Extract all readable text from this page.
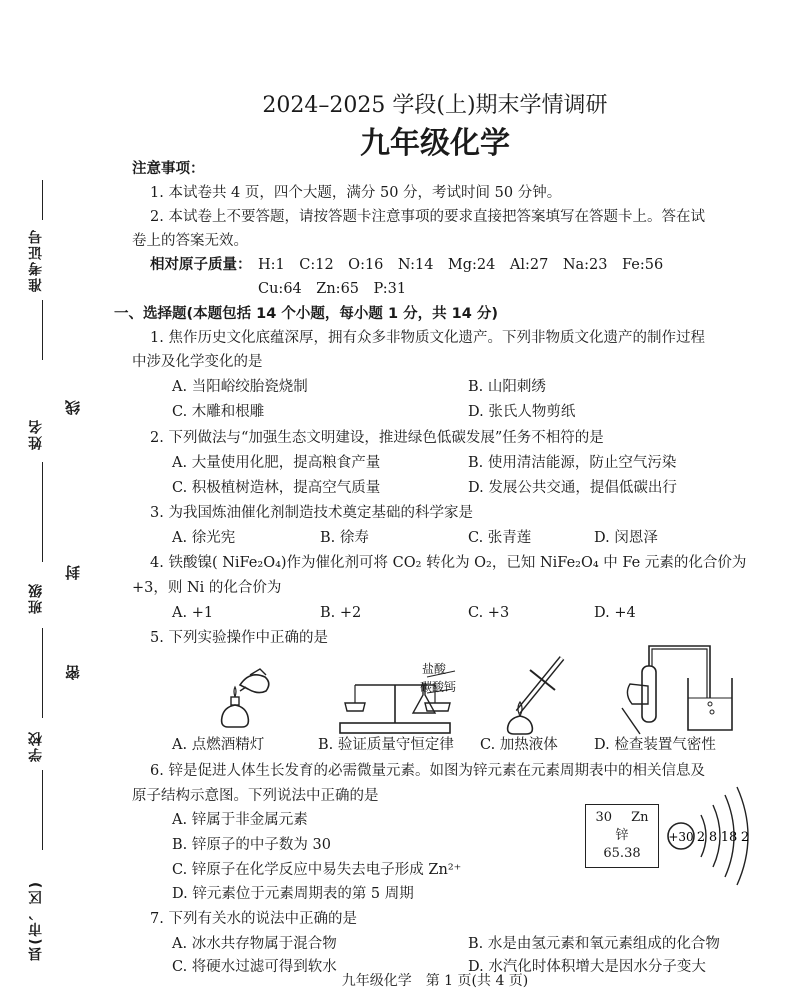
准考证号
姓名
班级
学校
县(市、区)
线
封
密
2024–2025 学段(上)期末学情调研
九年级化学
注意事项：
1. 本试卷共 4 页，四个大题，满分 50 分，考试时间 50 分钟。
2. 本试卷上不要答题，请按答题卡注意事项的要求直接把答案填写在答题卡上。答在试
卷上的答案无效。
相对原子质量： H:1　C:12　O:16　N:14　Mg:24　Al:27　Na:23　Fe:56
Cu:64　Zn:65　P:31
一、选择题(本题包括 14 个小题，每小题 1 分，共 14 分)
1. 焦作历史文化底蕴深厚，拥有众多非物质文化遗产。下列非物质文化遗产的制作过程
中涉及化学变化的是
A. 当阳峪绞胎瓷烧制	B. 山阳刺绣
C. 木雕和根雕	D. 张氏人物剪纸
2. 下列做法与“加强生态文明建设，推进绿色低碳发展”任务不相符的是
A. 大量使用化肥，提高粮食产量	B. 使用清洁能源，防止空气污染
C. 积极植树造林，提高空气质量	D. 发展公共交通，提倡低碳出行
3. 为我国炼油催化剂制造技术奠定基础的科学家是
A. 徐光宪	B. 徐寿	C. 张青莲	D. 闵恩泽
4. 铁酸镍( NiFe₂O₄)作为催化剂可将 CO₂ 转化为 O₂，已知 NiFe₂O₄ 中 Fe 元素的化合价为
+3，则 Ni 的化合价为
A. +1	B. +2	C. +3	D. +4
5. 下列实验操作中正确的是
盐酸
碳酸钙
A. 点燃酒精灯	B. 验证质量守恒定律 C. 加热液体 D. 检查装置气密性
6. 锌是促进人体生长发育的必需微量元素。如图为锌元素在元素周期表中的相关信息及
原子结构示意图。下列说法中正确的是
A. 锌属于非金属元素
B. 锌原子的中子数为 30
C. 锌原子在化学反应中易失去电子形成 Zn²⁺
D. 锌元素位于元素周期表的第 5 周期
30 Zn
锌
65.38
+30 2 8 18 2
7. 下列有关水的说法中正确的是
A. 冰水共存物属于混合物	B. 水是由氢元素和氧元素组成的化合物
C. 将硬水过滤可得到软水	D. 水汽化时体积增大是因水分子变大
九年级化学　第 1 页(共 4 页)
